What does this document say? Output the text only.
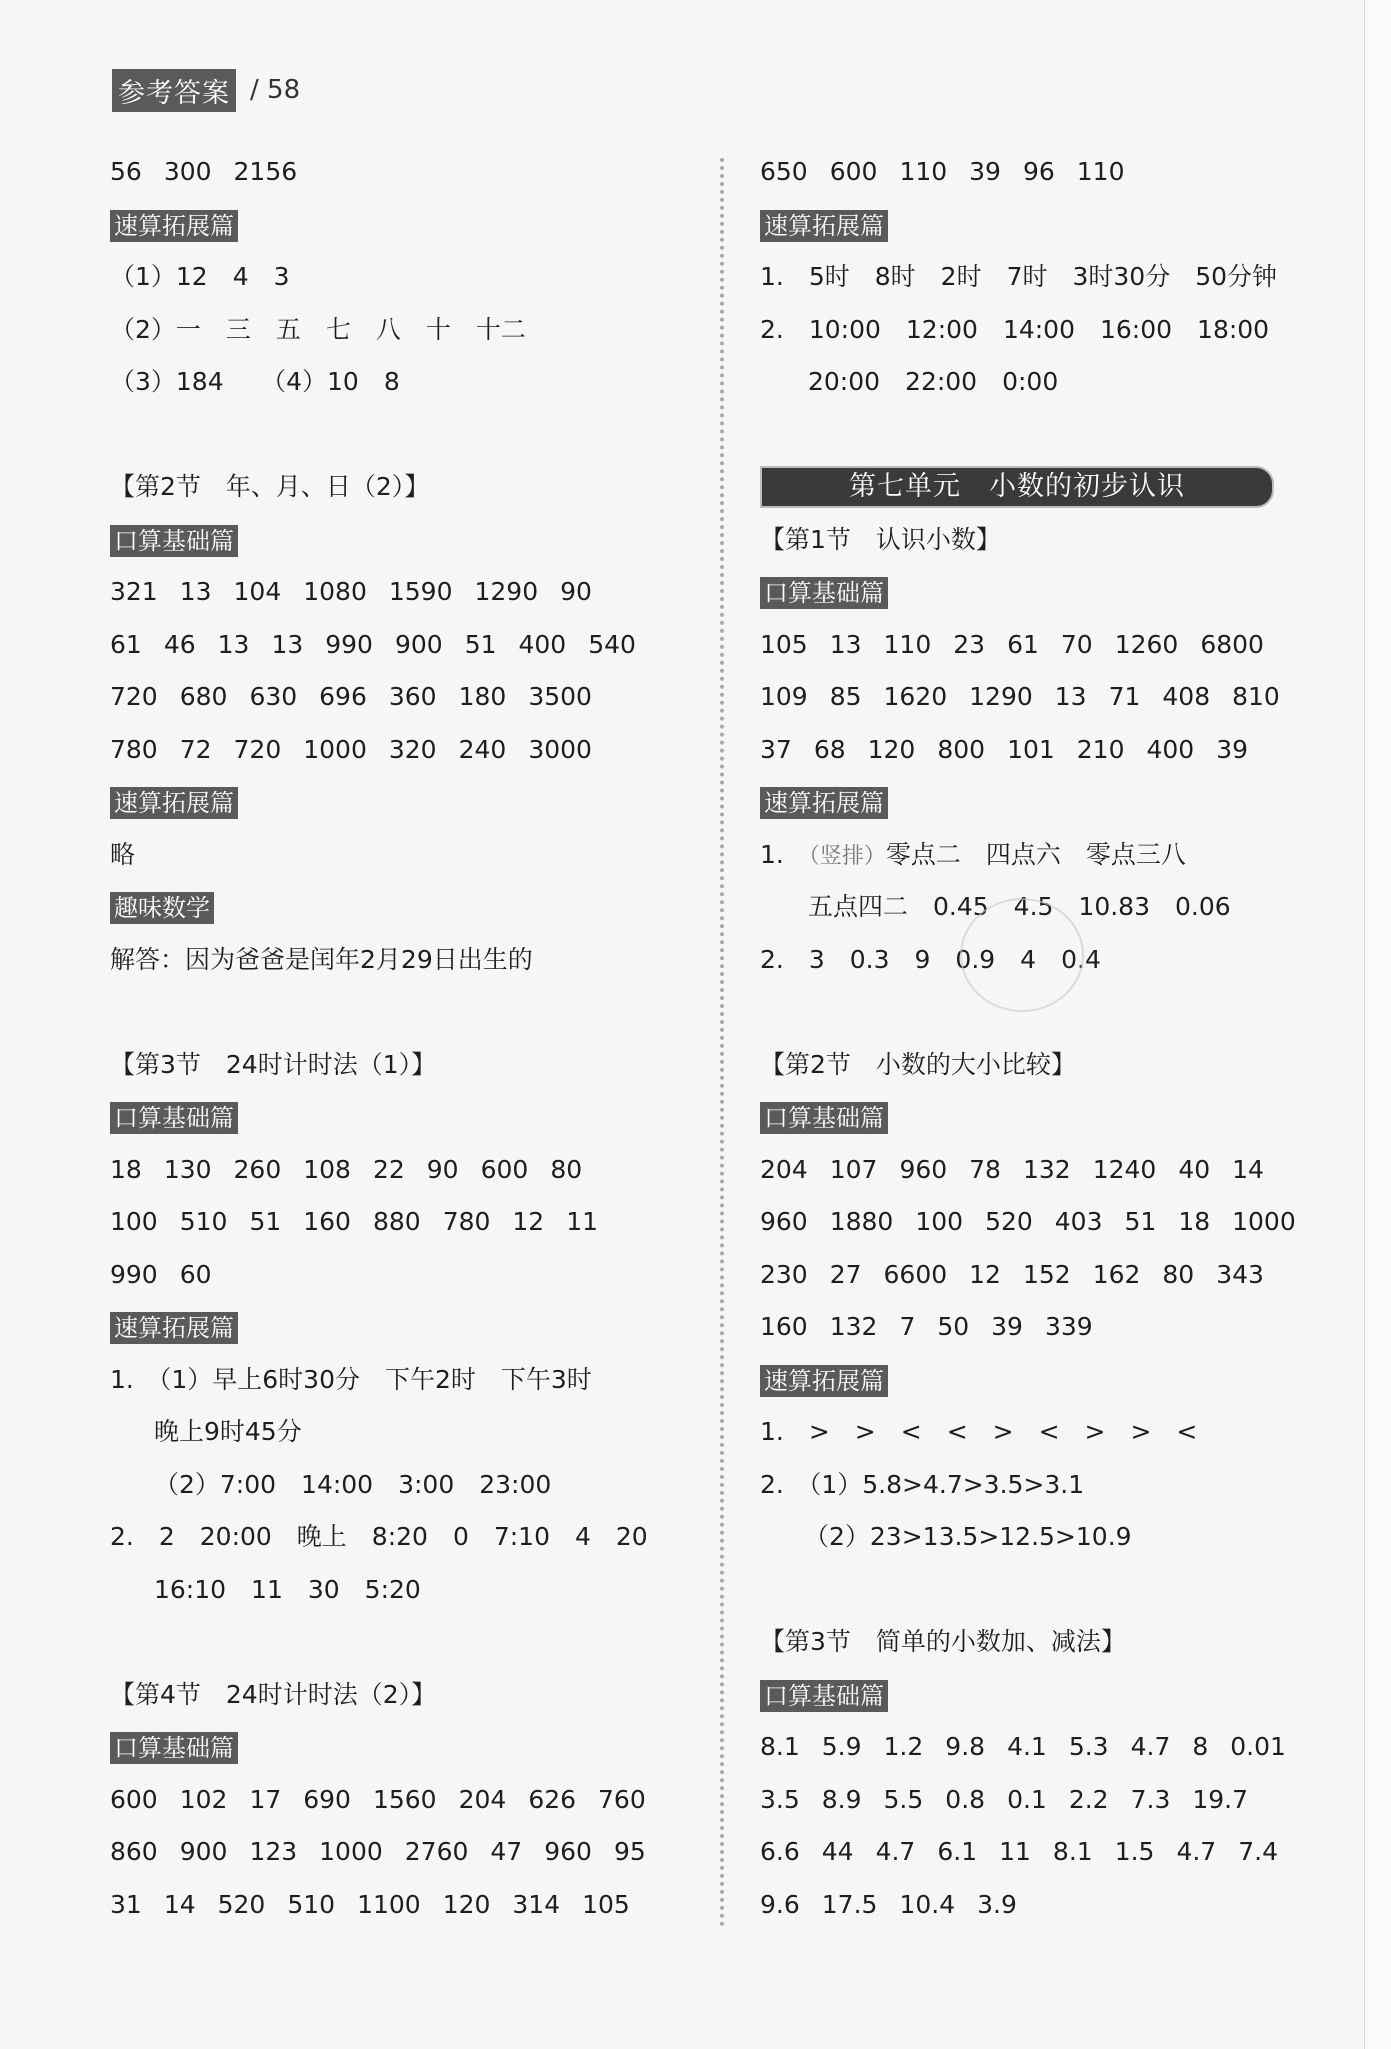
参考答案 / 58
56 300 2156
速算拓展篇
（1）12　4　3
（2）一　三　五　七　八　十　十二
（3）184　　（4）10　8
【第2节　年、月、日（2）】
口算基础篇
321 13 104 1080 1590 1290 90
61 46 13 13 990 900 51 400 540
720 680 630 696 360 180 3500
780 72 720 1000 320 240 3000
速算拓展篇
略
趣味数学
解答：因为爸爸是闰年2月29日出生的
【第3节　24时计时法（1）】
口算基础篇
18 130 260 108 22 90 600 80
100 510 51 160 880 780 12 11
990 60
速算拓展篇
1.　（1）早上6时30分　下午2时　下午3时
晚上9时45分
（2）7:00　14:00　3:00　23:00
2.　2　20:00　晚上　8:20　0　7:10　4　20
16:10　11　30　5:20
【第4节　24时计时法（2）】
口算基础篇
600 102 17 690 1560 204 626 760
860 900 123 1000 2760 47 960 95
31 14 520 510 1100 120 314 105
650 600 110 39 96 110
速算拓展篇
1.　5时　8时　2时　7时　3时30分　50分钟
2.　10:00　12:00　14:00　16:00　18:00
20:00　22:00　0:00
第七单元　小数的初步认识
【第1节　认识小数】
口算基础篇
105 13 110 23 61 70 1260 6800
109 85 1620 1290 13 71 408 810
37 68 120 800 101 210 400 39
速算拓展篇
1.　（竖排）零点二　四点六　零点三八
五点四二　0.45　4.5　10.83　0.06
2.　3　0.3　9　0.9　4　0.4
【第2节　小数的大小比较】
口算基础篇
204 107 960 78 132 1240 40 14
960 1880 100 520 403 51 18 1000
230 27 6600 12 152 162 80 343
160 132 7 50 39 339
速算拓展篇
1.　>　>　<　<　>　<　>　>　<
2.　（1）5.8>4.7>3.5>3.1
（2）23>13.5>12.5>10.9
【第3节　简单的小数加、减法】
口算基础篇
8.1 5.9 1.2 9.8 4.1 5.3 4.7 8 0.01
3.5 8.9 5.5 0.8 0.1 2.2 7.3 19.7
6.6 44 4.7 6.1 11 8.1 1.5 4.7 7.4
9.6 17.5 10.4 3.9
